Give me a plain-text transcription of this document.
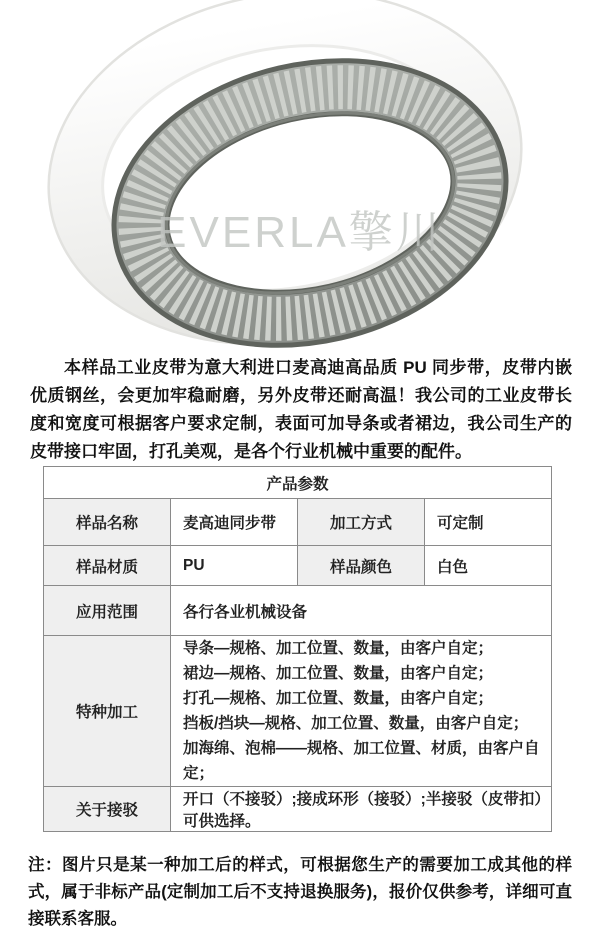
EVERLA擎川

本样品工业皮带为意大利进口麦高迪高品质 PU 同步带，皮带内嵌优质钢丝，会更加牢稳耐磨，另外皮带还耐高温！我公司的工业皮带长度和宽度可根据客户要求定制，表面可加导条或者裙边，我公司生产的皮带接口牢固，打孔美观，是各个行业机械中重要的配件。

产品参数			
样品名称	麦高迪同步带	加工方式	可定制
样品材质	PU	样品颜色	白色
应用范围	各行各业机械设备		
特种加工	导条—规格、加工位置、数量，由客户自定；
裙边—规格、加工位置、数量，由客户自定；
打孔—规格、加工位置、数量，由客户自定；
挡板/挡块—规格、加工位置、数量，由客户自定；
加海绵、泡棉——规格、加工位置、材质，由客户自定；		

关于接驳	开口（不接驳）;接成环形（接驳）;半接驳（皮带扣）可供选择。		

注：图片只是某一种加工后的样式，可根据您生产的需要加工成其他的样式，属于非标产品(定制加工后不支持退换服务)，报价仅供参考，详细可直接联系客服。
